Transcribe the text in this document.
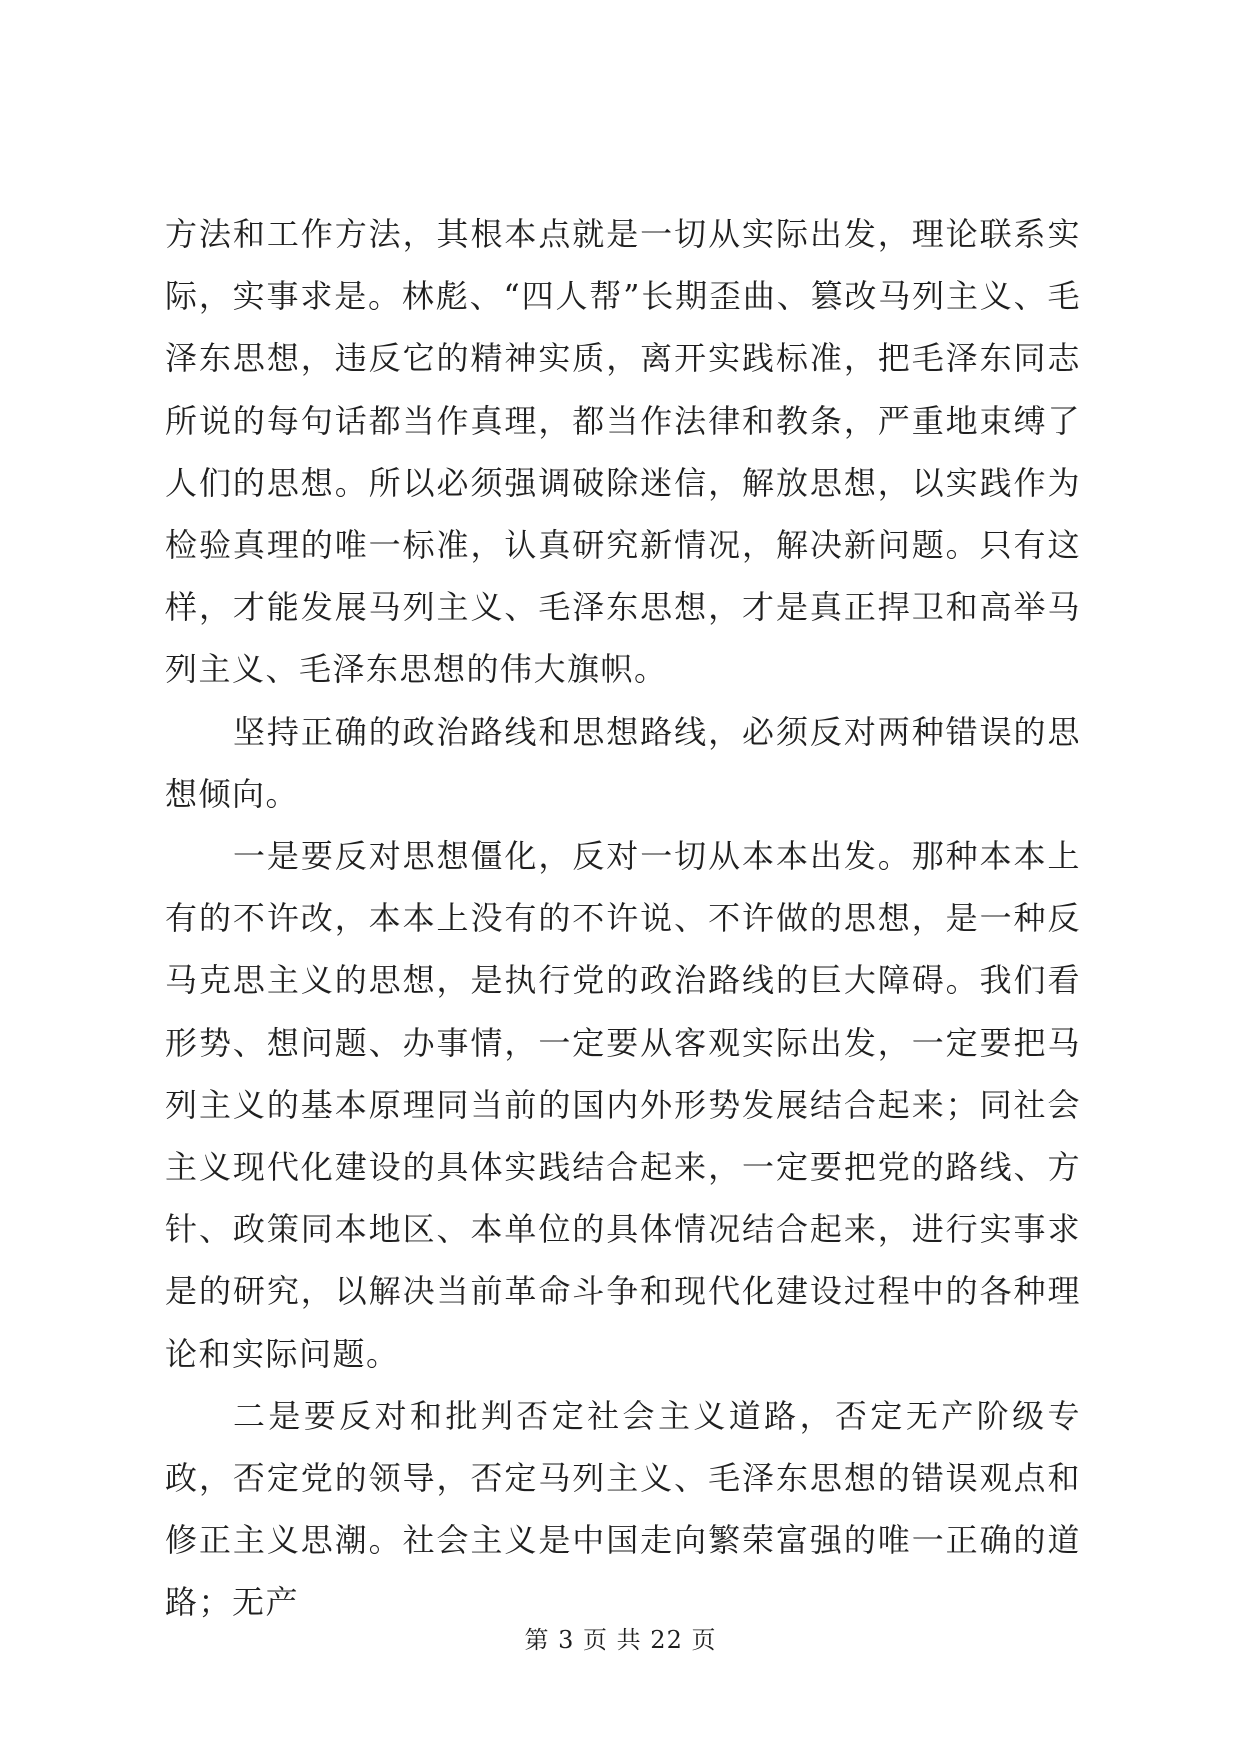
方法和工作方法，其根本点就是一切从实际出发，理论联系实际，实事求是。林彪、“四人帮”长期歪曲、篡改马列主义、毛泽东思想，违反它的精神实质，离开实践标准，把毛泽东同志所说的每句话都当作真理，都当作法律和教条，严重地束缚了人们的思想。所以必须强调破除迷信，解放思想，以实践作为检验真理的唯一标准，认真研究新情况，解决新问题。只有这样，才能发展马列主义、毛泽东思想，才是真正捍卫和高举马列主义、毛泽东思想的伟大旗帜。

坚持正确的政治路线和思想路线，必须反对两种错误的思想倾向。

一是要反对思想僵化，反对一切从本本出发。那种本本上有的不许改，本本上没有的不许说、不许做的思想，是一种反马克思主义的思想，是执行党的政治路线的巨大障碍。我们看形势、想问题、办事情，一定要从客观实际出发，一定要把马列主义的基本原理同当前的国内外形势发展结合起来；同社会主义现代化建设的具体实践结合起来，一定要把党的路线、方针、政策同本地区、本单位的具体情况结合起来，进行实事求是的研究，以解决当前革命斗争和现代化建设过程中的各种理论和实际问题。

二是要反对和批判否定社会主义道路，否定无产阶级专政，否定党的领导，否定马列主义、毛泽东思想的错误观点和修正主义思潮。社会主义是中国走向繁荣富强的唯一正确的道路；无产

第 3 页 共 22 页
